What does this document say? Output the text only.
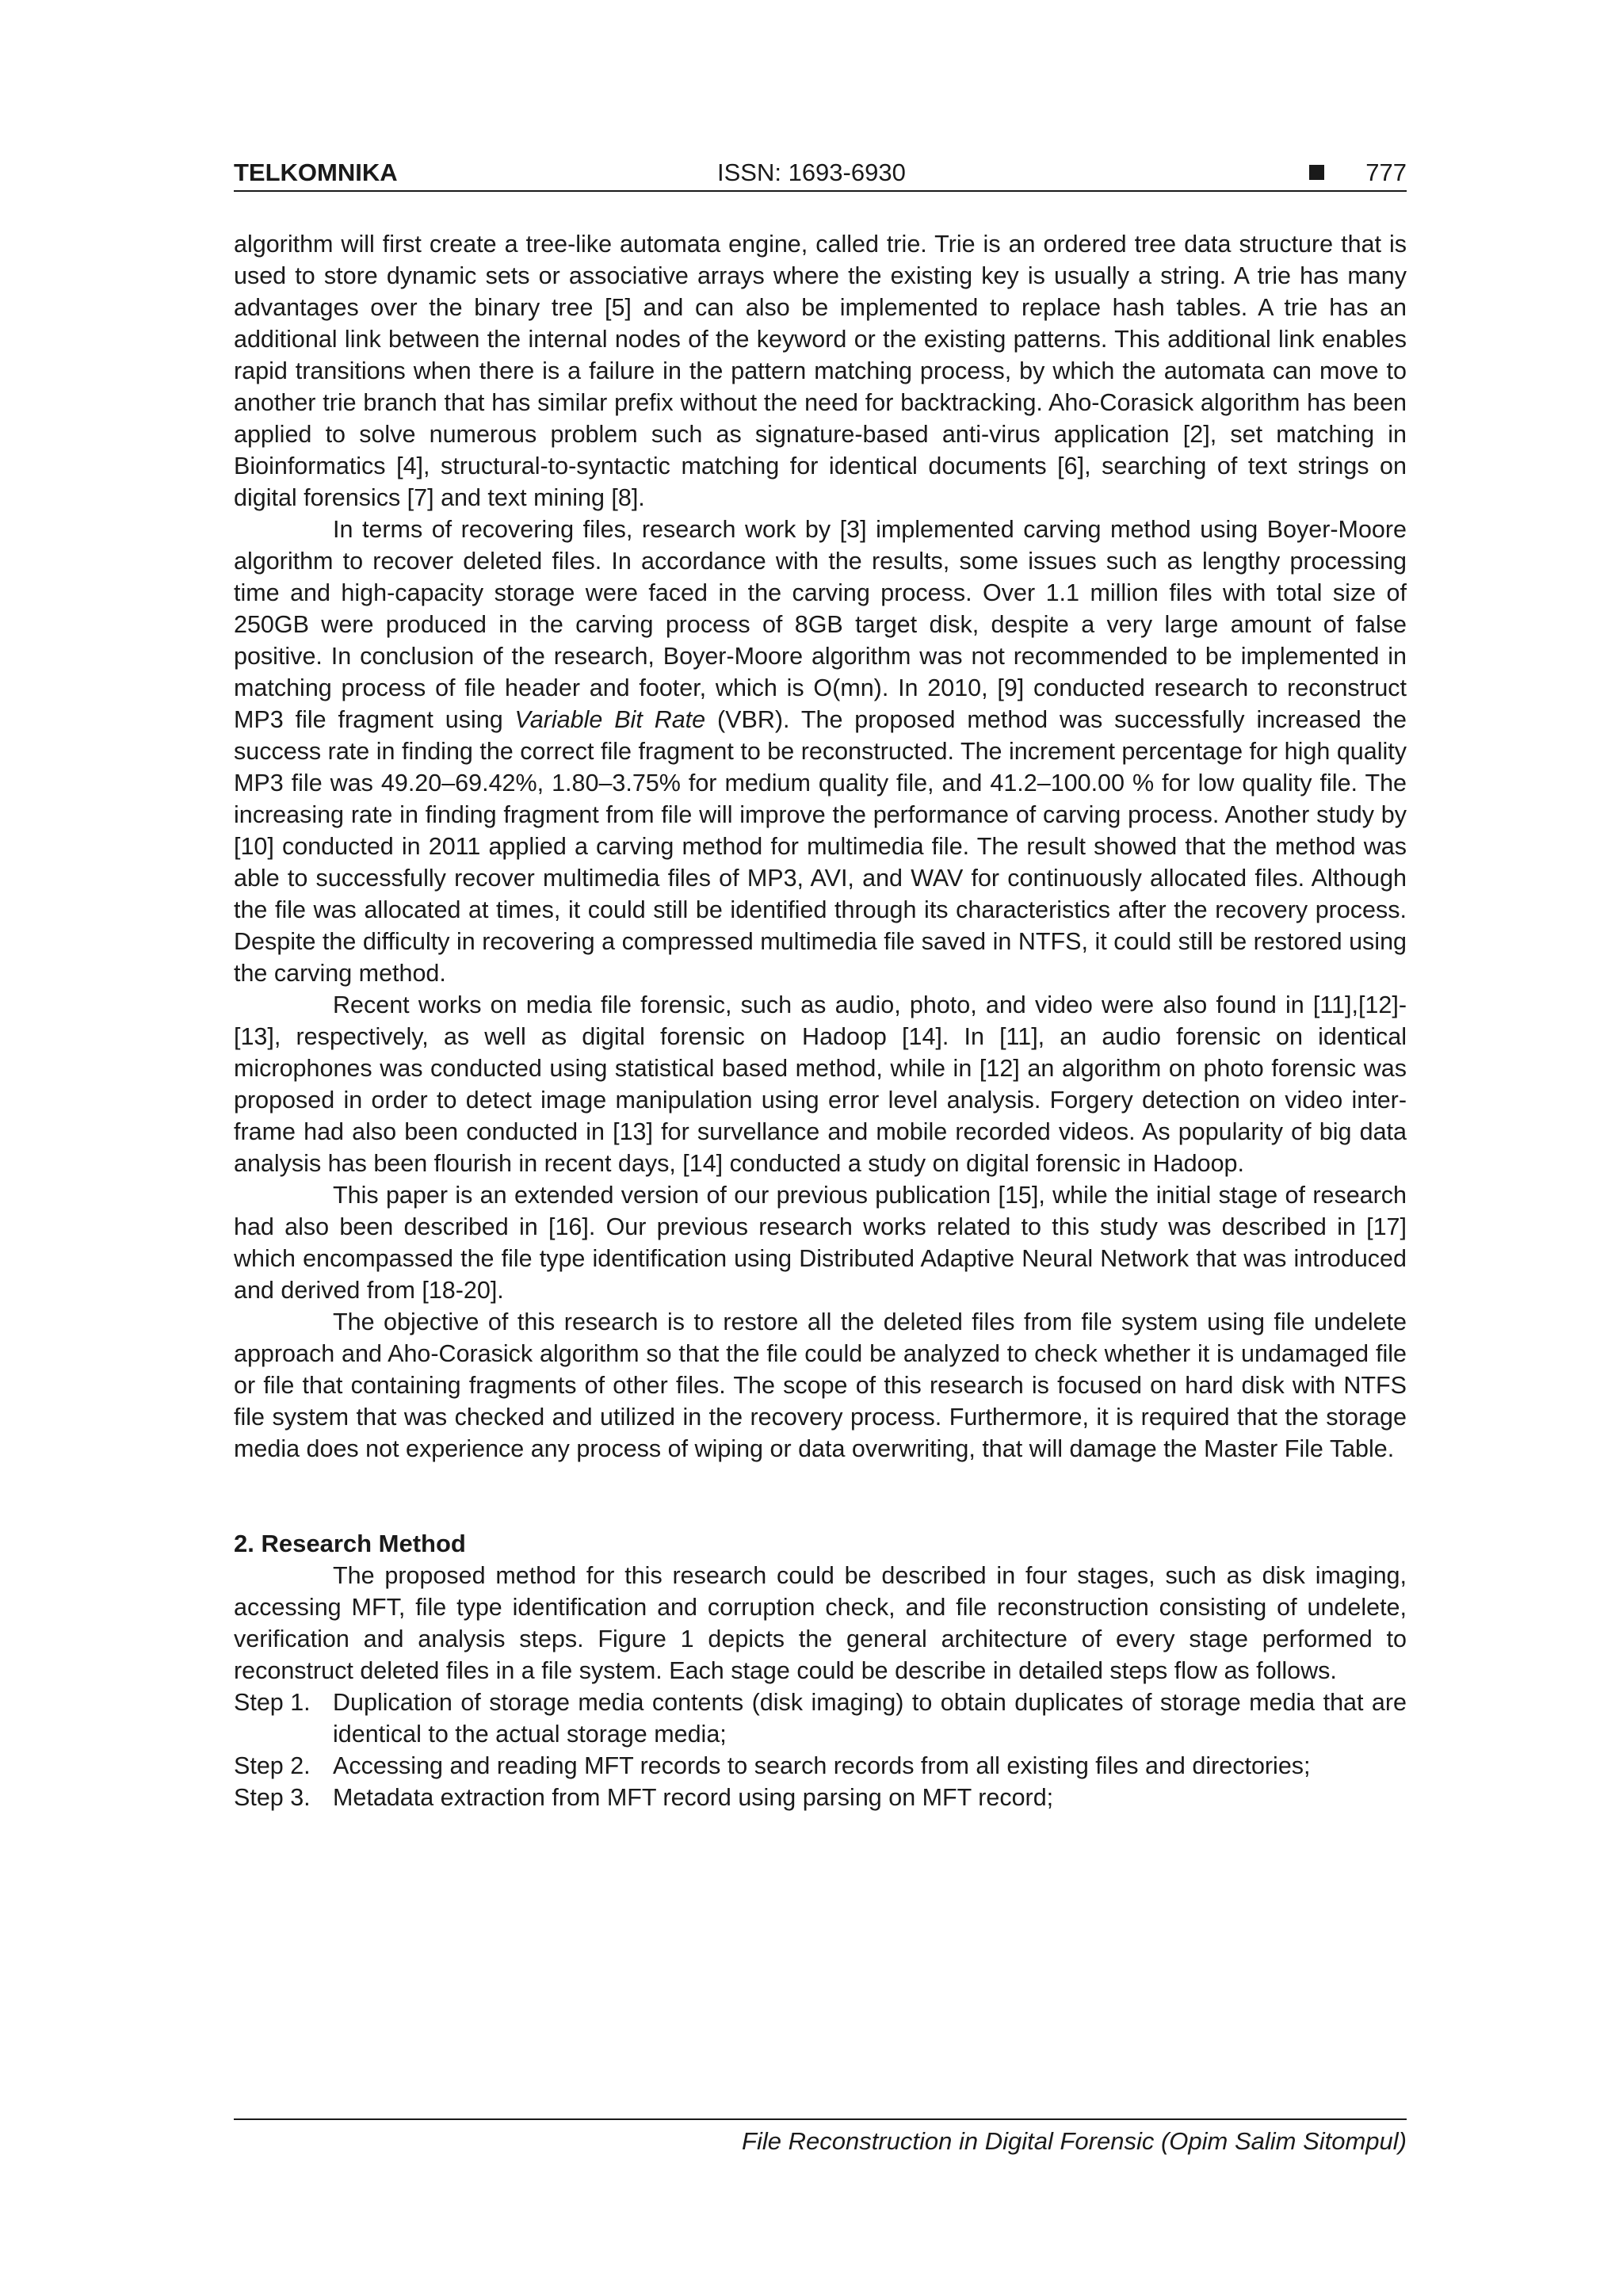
TELKOMNIKA	ISSN: 1693-6930	777

algorithm will first create a tree-like automata engine, called trie. Trie is an ordered tree data structure that is used to store dynamic sets or associative arrays where the existing key is usually a string. A trie has many advantages over the binary tree [5] and can also be implemented to replace hash tables. A trie has an additional link between the internal nodes of the keyword or the existing patterns. This additional link enables rapid transitions when there is a failure in the pattern matching process, by which the automata can move to another trie branch that has similar prefix without the need for backtracking. Aho-Corasick algorithm has been applied to solve numerous problem such as signature-based anti-virus application [2], set matching in Bioinformatics [4], structural-to-syntactic matching for identical documents [6], searching of text strings on digital forensics [7] and text mining [8].

In terms of recovering files, research work by [3] implemented carving method using Boyer-Moore algorithm to recover deleted files. In accordance with the results, some issues such as lengthy processing time and high-capacity storage were faced in the carving process. Over 1.1 million files with total size of 250GB were produced in the carving process of 8GB target disk, despite a very large amount of false positive. In conclusion of the research, Boyer-Moore algorithm was not recommended to be implemented in matching process of file header and footer, which is O(mn). In 2010, [9] conducted research to reconstruct MP3 file fragment using Variable Bit Rate (VBR). The proposed method was successfully increased the success rate in finding the correct file fragment to be reconstructed. The increment percentage for high quality MP3 file was 49.20–69.42%, 1.80–3.75% for medium quality file, and 41.2–100.00 % for low quality file. The increasing rate in finding fragment from file will improve the performance of carving process. Another study by [10] conducted in 2011 applied a carving method for multimedia file. The result showed that the method was able to successfully recover multimedia files of MP3, AVI, and WAV for continuously allocated files. Although the file was allocated at times, it could still be identified through its characteristics after the recovery process. Despite the difficulty in recovering a compressed multimedia file saved in NTFS, it could still be restored using the carving method.

Recent works on media file forensic, such as audio, photo, and video were also found in [11],[12]-[13], respectively, as well as digital forensic on Hadoop [14]. In [11], an audio forensic on identical microphones was conducted using statistical based method, while in [12] an algorithm on photo forensic was proposed in order to detect image manipulation using error level analysis. Forgery detection on video inter-frame had also been conducted in [13] for survellance and mobile recorded videos. As popularity of big data analysis has been flourish in recent days, [14] conducted a study on digital forensic in Hadoop.

This paper is an extended version of our previous publication [15], while the initial stage of research had also been described in [16]. Our previous research works related to this study was described in [17] which encompassed the file type identification using Distributed Adaptive Neural Network that was introduced and derived from [18-20].

The objective of this research is to restore all the deleted files from file system using file undelete approach and Aho-Corasick algorithm so that the file could be analyzed to check whether it is undamaged file or file that containing fragments of other files. The scope of this research is focused on hard disk with NTFS file system that was checked and utilized in the recovery process. Furthermore, it is required that the storage media does not experience any process of wiping or data overwriting, that will damage the Master File Table.

2. Research Method

The proposed method for this research could be described in four stages, such as disk imaging, accessing MFT, file type identification and corruption check, and file reconstruction consisting of undelete, verification and analysis steps. Figure 1 depicts the general architecture of every stage performed to reconstruct deleted files in a file system. Each stage could be describe in detailed steps flow as follows.

Step 1. Duplication of storage media contents (disk imaging) to obtain duplicates of storage media that are identical to the actual storage media;
Step 2. Accessing and reading MFT records to search records from all existing files and directories;
Step 3. Metadata extraction from MFT record using parsing on MFT record;
File Reconstruction in Digital Forensic (Opim Salim Sitompul)
